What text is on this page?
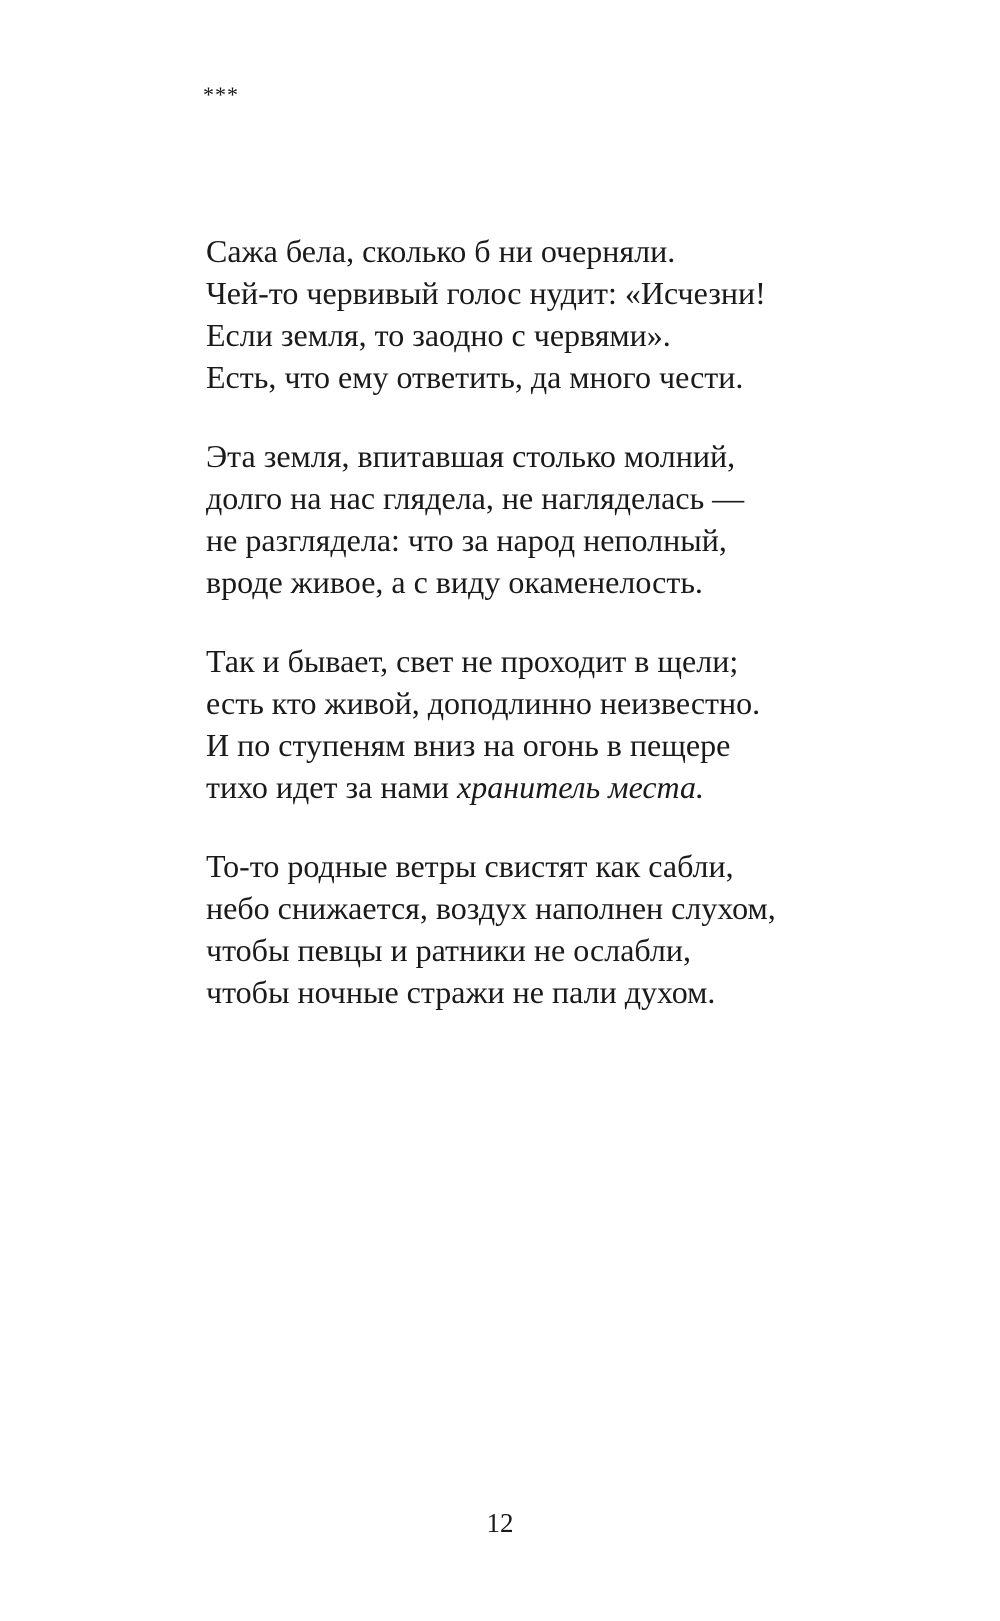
***
Сажа бела, сколько б ни очерняли.
Чей-то червивый голос нудит: «Исчезни!
Если земля, то заодно с червями».
Есть, что ему ответить, да много чести.
Эта земля, впитавшая столько молний,
долго на нас глядела, не нагляделась —
не разглядела: что за народ неполный,
вроде живое, а с виду окаменелость.
Так и бывает, свет не проходит в щели;
есть кто живой, доподлинно неизвестно.
И по ступеням вниз на огонь в пещере
тихо идет за нами хранитель места.
То-то родные ветры свистят как сабли,
небо снижается, воздух наполнен слухом,
чтобы певцы и ратники не ослабли,
чтобы ночные стражи не пали духом.
12
